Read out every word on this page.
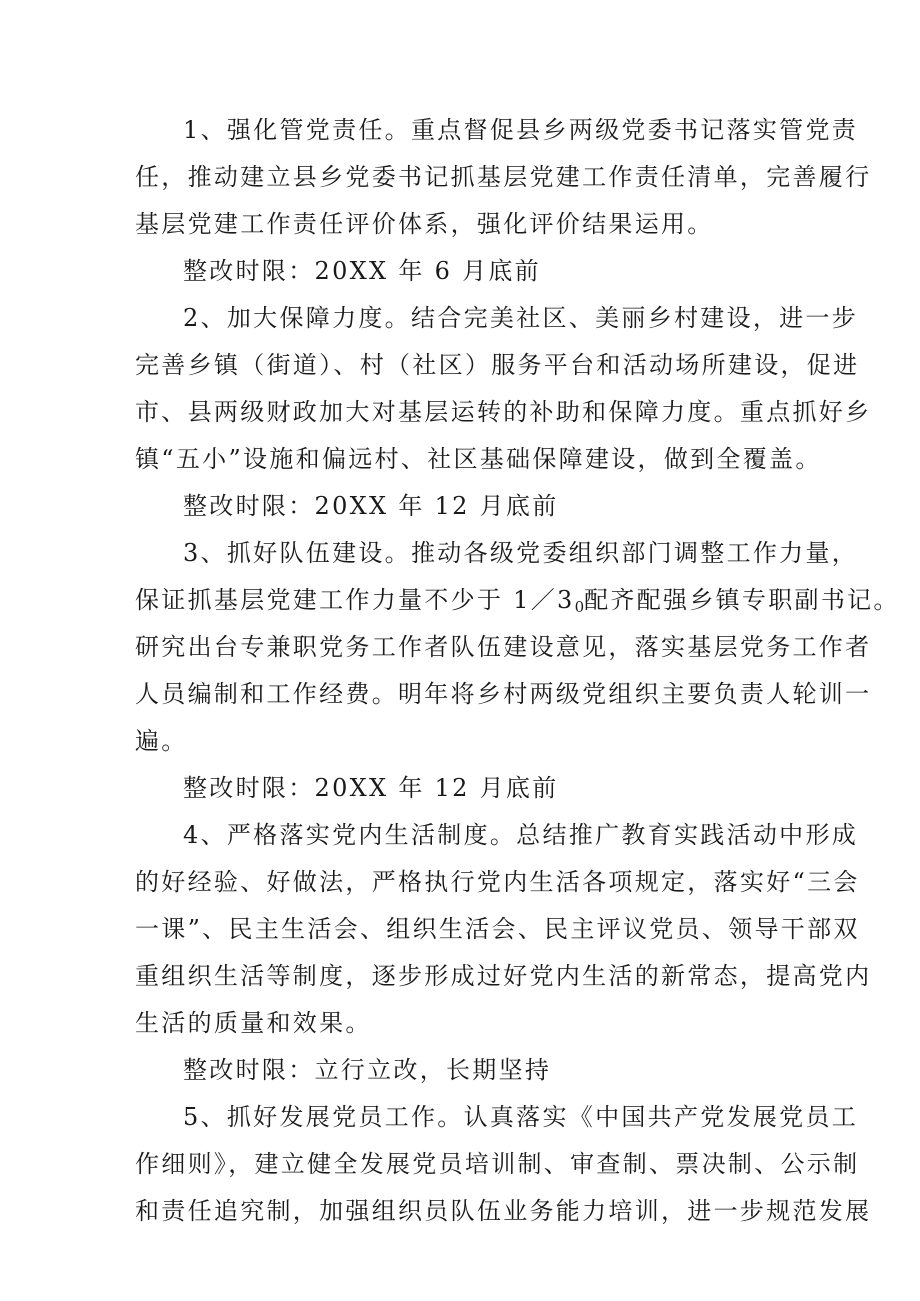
1、强化管党责任。重点督促县乡两级党委书记落实管党责
任，推动建立县乡党委书记抓基层党建工作责任清单，完善履行
基层党建工作责任评价体系，强化评价结果运用。
整改时限：20XX 年 6 月底前
2、加大保障力度。结合完美社区、美丽乡村建设，进一步
完善乡镇（街道）、村（社区）服务平台和活动场所建设，促进
市、县两级财政加大对基层运转的补助和保障力度。重点抓好乡
镇“五小”设施和偏远村、社区基础保障建设，做到全覆盖。
整改时限：20XX 年 12 月底前
3、抓好队伍建设。推动各级党委组织部门调整工作力量，
保证抓基层党建工作力量不少于 $1/3_0$配齐配强乡镇专职副书记。
研究出台专兼职党务工作者队伍建设意见，落实基层党务工作者
人员编制和工作经费。明年将乡村两级党组织主要负责人轮训一
遍。
整改时限：20XX 年 12 月底前
4、严格落实党内生活制度。总结推广教育实践活动中形成
的好经验、好做法，严格执行党内生活各项规定，落实好“三会
一课”、民主生活会、组织生活会、民主评议党员、领导干部双
重组织生活等制度，逐步形成过好党内生活的新常态，提高党内
生活的质量和效果。
整改时限：立行立改，长期坚持
5、抓好发展党员工作。认真落实《中国共产党发展党员工
作细则》，建立健全发展党员培训制、审查制、票决制、公示制
和责任追究制，加强组织员队伍业务能力培训，进一步规范发展
